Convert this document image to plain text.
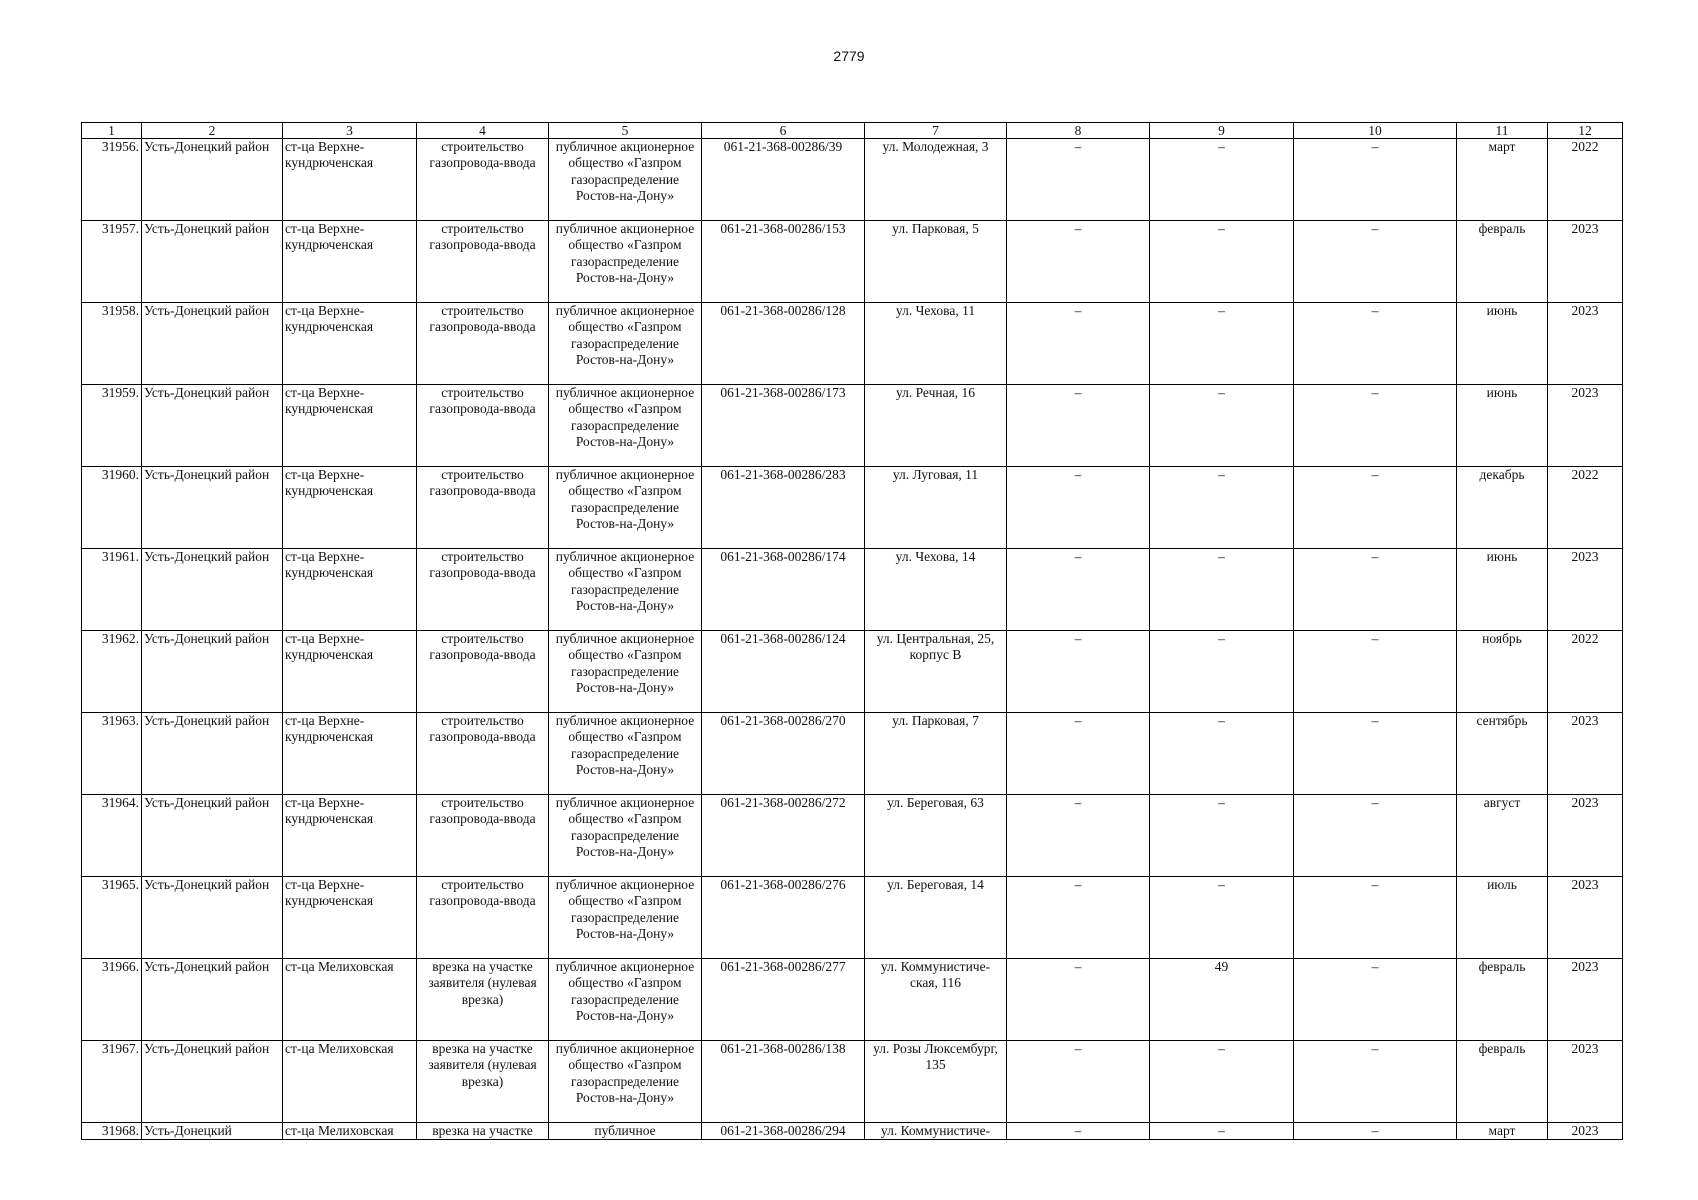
2779
1	2	3	4	5	6	7	8	9	10	11	12
31956.	Усть-Донецкий район	ст-ца Верхне-кундрюченская	строительство газопровода-ввода	публичное акционерное общество «Газпром газораспределение Ростов-на-Дону»	061-21-368-00286/39	ул. Молодежная, 3	–	–	–	март	2022
31957.	Усть-Донецкий район	ст-ца Верхне-кундрюченская	строительство газопровода-ввода	публичное акционерное общество «Газпром газораспределение Ростов-на-Дону»	061-21-368-00286/153	ул. Парковая, 5	–	–	–	февраль	2023
31958.	Усть-Донецкий район	ст-ца Верхне-кундрюченская	строительство газопровода-ввода	публичное акционерное общество «Газпром газораспределение Ростов-на-Дону»	061-21-368-00286/128	ул. Чехова, 11	–	–	–	июнь	2023
31959.	Усть-Донецкий район	ст-ца Верхне-кундрюченская	строительство газопровода-ввода	публичное акционерное общество «Газпром газораспределение Ростов-на-Дону»	061-21-368-00286/173	ул. Речная, 16	–	–	–	июнь	2023
31960.	Усть-Донецкий район	ст-ца Верхне-кундрюченская	строительство газопровода-ввода	публичное акционерное общество «Газпром газораспределение Ростов-на-Дону»	061-21-368-00286/283	ул. Луговая, 11	–	–	–	декабрь	2022
31961.	Усть-Донецкий район	ст-ца Верхне-кундрюченская	строительство газопровода-ввода	публичное акционерное общество «Газпром газораспределение Ростов-на-Дону»	061-21-368-00286/174	ул. Чехова, 14	–	–	–	июнь	2023
31962.	Усть-Донецкий район	ст-ца Верхне-кундрюченская	строительство газопровода-ввода	публичное акционерное общество «Газпром газораспределение Ростов-на-Дону»	061-21-368-00286/124	ул. Центральная, 25, корпус В	–	–	–	ноябрь	2022
31963.	Усть-Донецкий район	ст-ца Верхне-кундрюченская	строительство газопровода-ввода	публичное акционерное общество «Газпром газораспределение Ростов-на-Дону»	061-21-368-00286/270	ул. Парковая, 7	–	–	–	сентябрь	2023
31964.	Усть-Донецкий район	ст-ца Верхне-кундрюченская	строительство газопровода-ввода	публичное акционерное общество «Газпром газораспределение Ростов-на-Дону»	061-21-368-00286/272	ул. Береговая, 63	–	–	–	август	2023
31965.	Усть-Донецкий район	ст-ца Верхне-кундрюченская	строительство газопровода-ввода	публичное акционерное общество «Газпром газораспределение Ростов-на-Дону»	061-21-368-00286/276	ул. Береговая, 14	–	–	–	июль	2023
31966.	Усть-Донецкий район	ст-ца Мелиховская	врезка на участке заявителя (нулевая врезка)	публичное акционерное общество «Газпром газораспределение Ростов-на-Дону»	061-21-368-00286/277	ул. Коммунистиче-ская, 116	–	49	–	февраль	2023
31967.	Усть-Донецкий район	ст-ца Мелиховская	врезка на участке заявителя (нулевая врезка)	публичное акционерное общество «Газпром газораспределение Ростов-на-Дону»	061-21-368-00286/138	ул. Розы Люксембург, 135	–	–	–	февраль	2023
31968.	Усть-Донецкий	ст-ца Мелиховская	врезка на участке	публичное	061-21-368-00286/294	ул. Коммунистиче-	–	–	–	март	2023
